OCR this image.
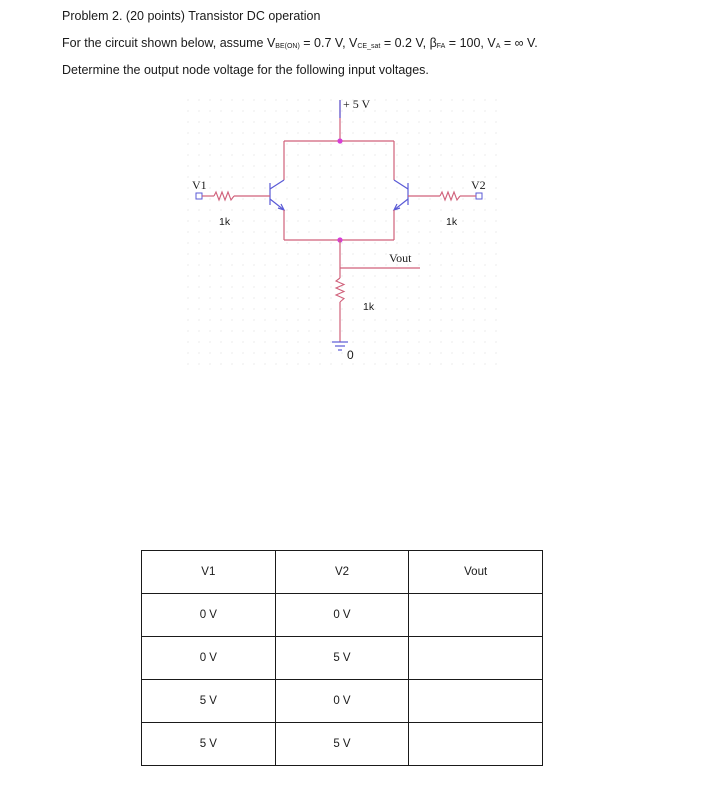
Problem 2. (20 points) Transistor DC operation
For the circuit shown below, assume VBE(ON) = 0.7 V, VCE_sat = 0.2 V, βFA = 100, VA = ∞ V.
Determine the output node voltage for the following input voltages.
+ 5 V
Vout
V1
1k
V2
1k
1k
0
V1	V2	Vout
0 V	0 V	
0 V	5 V	
5 V	0 V	
5 V	5 V	
